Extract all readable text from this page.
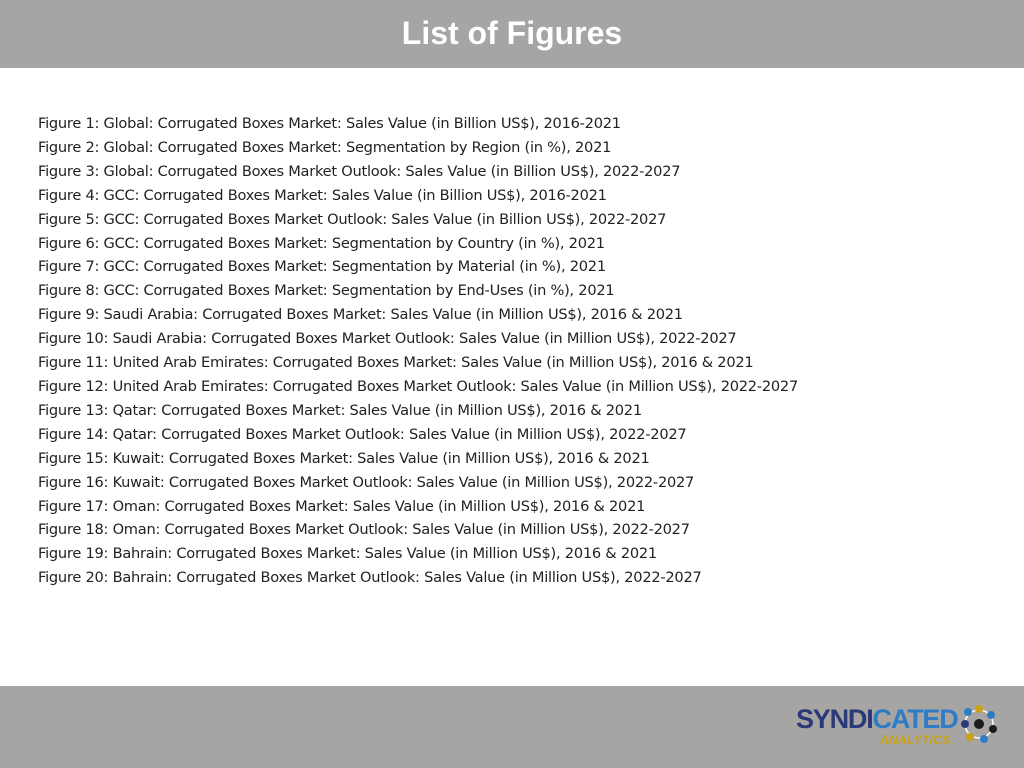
List of Figures
Figure 1: Global: Corrugated Boxes Market: Sales Value (in Billion US$), 2016-2021
Figure 2: Global: Corrugated Boxes Market: Segmentation by Region (in %), 2021
Figure 3: Global: Corrugated Boxes Market Outlook: Sales Value (in Billion US$), 2022-2027
Figure 4: GCC: Corrugated Boxes Market: Sales Value (in Billion US$), 2016-2021
Figure 5: GCC: Corrugated Boxes Market Outlook: Sales Value (in Billion US$), 2022-2027
Figure 6: GCC: Corrugated Boxes Market: Segmentation by Country (in %), 2021
Figure 7: GCC: Corrugated Boxes Market: Segmentation by Material (in %), 2021
Figure 8: GCC: Corrugated Boxes Market: Segmentation by End-Uses (in %), 2021
Figure 9: Saudi Arabia: Corrugated Boxes Market: Sales Value (in Million US$), 2016 & 2021
Figure 10: Saudi Arabia: Corrugated Boxes Market Outlook: Sales Value (in Million US$), 2022-2027
Figure 11: United Arab Emirates: Corrugated Boxes Market: Sales Value (in Million US$), 2016 & 2021
Figure 12: United Arab Emirates: Corrugated Boxes Market Outlook: Sales Value (in Million US$), 2022-2027
Figure 13: Qatar: Corrugated Boxes Market: Sales Value (in Million US$), 2016 & 2021
Figure 14: Qatar: Corrugated Boxes Market Outlook: Sales Value (in Million US$), 2022-2027
Figure 15: Kuwait: Corrugated Boxes Market: Sales Value (in Million US$), 2016 & 2021
Figure 16: Kuwait: Corrugated Boxes Market Outlook: Sales Value (in Million US$), 2022-2027
Figure 17: Oman: Corrugated Boxes Market: Sales Value (in Million US$), 2016 & 2021
Figure 18: Oman: Corrugated Boxes Market Outlook: Sales Value (in Million US$), 2022-2027
Figure 19: Bahrain: Corrugated Boxes Market: Sales Value (in Million US$), 2016 & 2021
Figure 20: Bahrain: Corrugated Boxes Market Outlook: Sales Value (in Million US$), 2022-2027
SYNDICATED
ANALYTICS
